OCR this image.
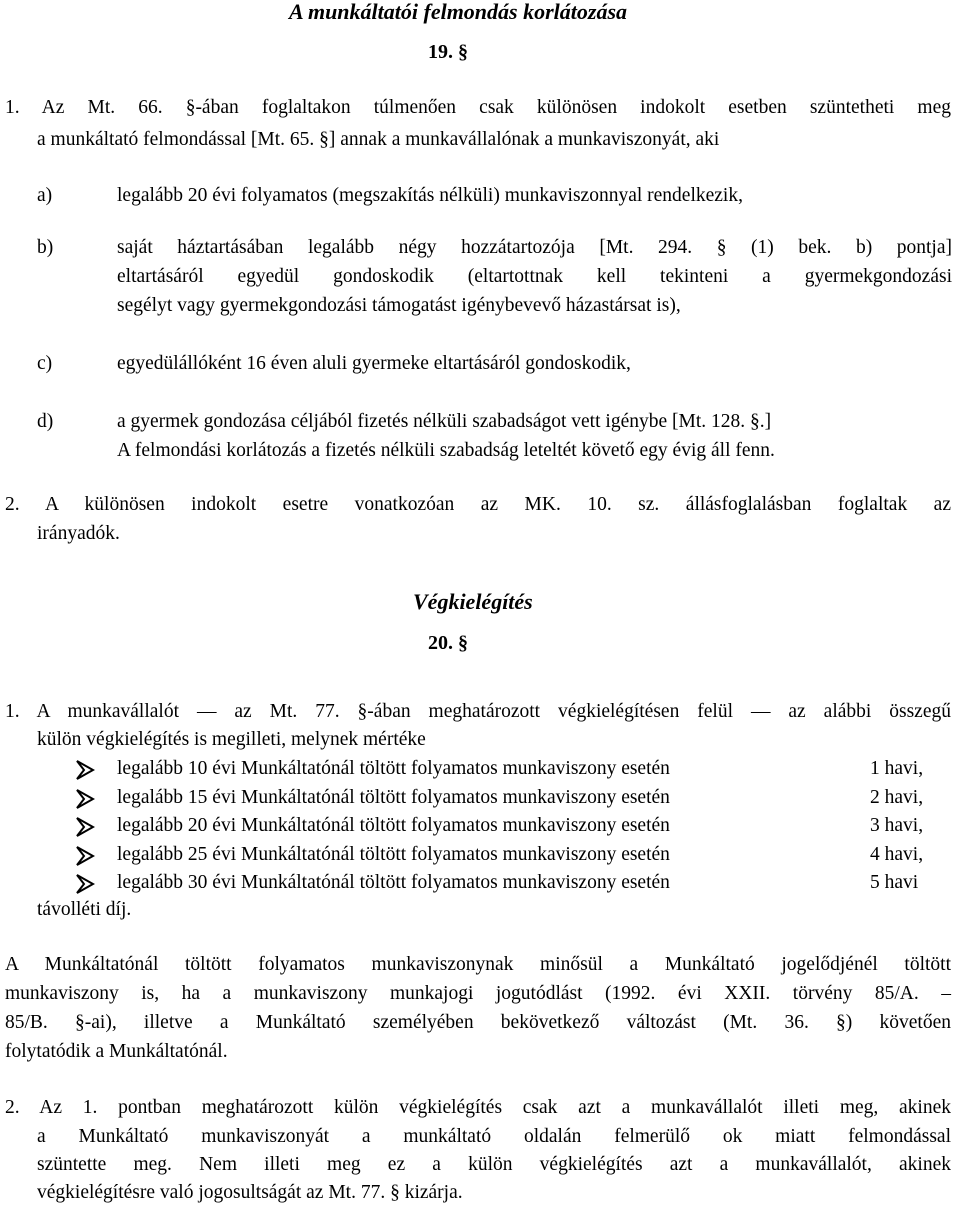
A munkáltatói felmondás korlátozása
19. §
1. Az Mt. 66. §-ában foglaltakon túlmenően csak különösen indokolt esetben szüntetheti meg
a munkáltató felmondással [Mt. 65. §] annak a munkavállalónak a munkaviszonyát, aki
a)	legalább 20 évi folyamatos (megszakítás nélküli) munkaviszonnyal rendelkezik,
b)	saját háztartásában legalább négy hozzátartozója [Mt. 294. § (1) bek. b) pontja]
eltartásáról egyedül gondoskodik (eltartottnak kell tekinteni a gyermekgondozási
segélyt vagy gyermekgondozási támogatást igénybevevő házastársat is),
c)	egyedülállóként 16 éven aluli gyermeke eltartásáról gondoskodik,
d)	a gyermek gondozása céljából fizetés nélküli szabadságot vett igénybe [Mt. 128. §.]
A felmondási korlátozás a fizetés nélküli szabadság leteltét követő egy évig áll fenn.
2. A különösen indokolt esetre vonatkozóan az MK. 10. sz. állásfoglalásban foglaltak az
irányadók.
Végkielégítés
20. §
1. A munkavállalót — az Mt. 77. §-ában meghatározott végkielégítésen felül — az alábbi összegű
külön végkielégítés is megilleti, melynek mértéke
legalább 10 évi Munkáltatónál töltött folyamatos munkaviszony esetén	1 havi,
legalább 15 évi Munkáltatónál töltött folyamatos munkaviszony esetén	2 havi,
legalább 20 évi Munkáltatónál töltött folyamatos munkaviszony esetén	3 havi,
legalább 25 évi Munkáltatónál töltött folyamatos munkaviszony esetén	4 havi,
legalább 30 évi Munkáltatónál töltött folyamatos munkaviszony esetén	5 havi
távolléti díj.
A Munkáltatónál töltött folyamatos munkaviszonynak minősül a Munkáltató jogelődjénél töltött
munkaviszony is, ha a munkaviszony munkajogi jogutódlást (1992. évi XXII. törvény 85/A. –
85/B. §-ai), illetve a Munkáltató személyében bekövetkező változást (Mt. 36. §) követően
folytatódik a Munkáltatónál.
2. Az 1. pontban meghatározott külön végkielégítés csak azt a munkavállalót illeti meg, akinek
a Munkáltató munkaviszonyát a munkáltató oldalán felmerülő ok miatt felmondással
szüntette meg. Nem illeti meg ez a külön végkielégítés azt a munkavállalót, akinek
végkielégítésre való jogosultságát az Mt. 77. § kizárja.
